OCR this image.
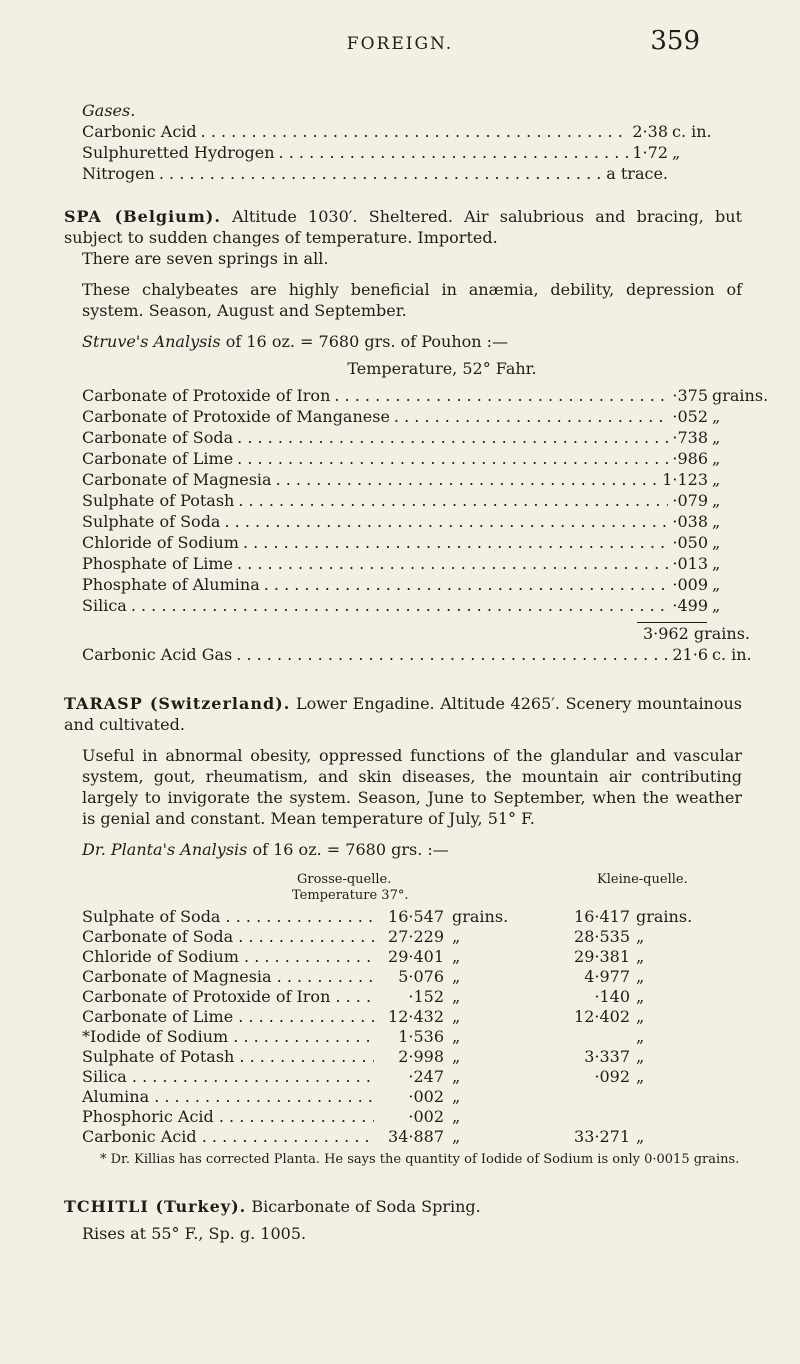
FOREIGN.	359
Gases.
Carbonic Acid . . .	2·38 c. in.
Sulphuretted Hydrogen . . .	1·72 „
Nitrogen . . .	a trace.

SPA (Belgium). Altitude 1030′. Sheltered. Air salubrious and bracing, but subject to sudden changes of temperature. Imported.

There are seven springs in all.

These chalybeates are highly beneficial in anæmia, debility, depression of system. Season, August and September.

Struve's Analysis of 16 oz. = 7680 grs. of Pouhon :—

Temperature, 52° Fahr.
Carbonate of Protoxide of Iron . . .	·375 grains.
Carbonate of Protoxide of Manganese . . .	·052 „
Carbonate of Soda . . .	·738 „
Carbonate of Lime . . .	·986 „
Carbonate of Magnesia . . .	1·123 „
Sulphate of Potash . . .	·079 „
Sulphate of Soda . . .	·038 „
Chloride of Sodium . . .	·050 „
Phosphate of Lime . . .	·013 „
Phosphate of Alumina . . .	·009 „
Silica . . .	·499 „
3·962 grains.
Carbonic Acid Gas . . .	21·6 c. in.

TARASP (Switzerland). Lower Engadine. Altitude 4265′. Scenery mountainous and cultivated.

Useful in abnormal obesity, oppressed functions of the glandular and vascular system, gout, rheumatism, and skin diseases, the mountain air contributing largely to invigorate the system. Season, June to September, when the weather is genial and constant. Mean temperature of July, 51° F.

Dr. Planta's Analysis of 16 oz. = 7680 grs. :—

Grosse-quelle.
Temperature 37°.
Kleine-quelle.
Sulphate of Soda . . .	16·547 grains.	16·417 grains.
Carbonate of Soda . . .	27·229 „	28·535 „
Chloride of Sodium . . .	29·401 „	29·381 „
Carbonate of Magnesia . . .	5·076 „	4·977 „
Carbonate of Protoxide of Iron . . .	·152 „	·140 „
Carbonate of Lime . . .	12·432 „	12·402 „
*Iodide of Sodium . . .	1·536 „	„
Sulphate of Potash . . .	2·998 „	3·337 „
Silica . . .	·247 „	·092 „
Alumina . . .	·002 „
Phosphoric Acid . . .	·002 „
Carbonic Acid . . .	34·887 „	33·271 „

* Dr. Killias has corrected Planta. He says the quantity of Iodide of Sodium is only 0·0015 grains.

TCHITLI (Turkey). Bicarbonate of Soda Spring.

Rises at 55° F., Sp. g. 1005.
